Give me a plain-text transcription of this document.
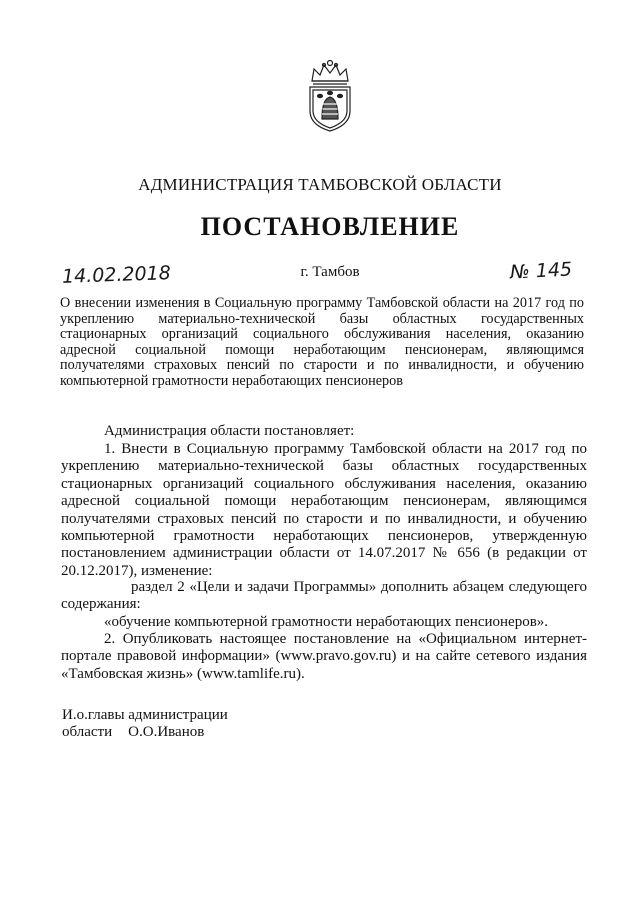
АДМИНИСТРАЦИЯ ТАМБОВСКОЙ ОБЛАСТИ
ПОСТАНОВЛЕНИЕ
14.02.2018	г. Тамбов	№ 145

О внесении изменения в Социальную программу Тамбовской области на 2017 год по укреплению материально-технической базы областных государственных стационарных организаций социального обслуживания населения, оказанию адресной социальной помощи неработающим пенсионерам, являющимся получателями страховых пенсий по старости и по инвалидности, и обучению компьютерной грамотности неработающих пенсионеров

Администрация области постановляет:

1. Внести в Социальную программу Тамбовской области на 2017 год по укреплению материально-технической базы областных государственных стационарных организаций социального обслуживания населения, оказанию адресной социальной помощи неработающим пенсионерам, являющимся получателями страховых пенсий по старости и по инвалидности, и обучению компьютерной грамотности неработающих пенсионеров, утвержденную постановлением администрации области от 14.07.2017 № 656 (в редакции от 20.12.2017), изменение:

раздел 2 «Цели и задачи Программы» дополнить абзацем следующего содержания:

«обучение компьютерной грамотности неработающих пенсионеров».

2. Опубликовать настоящее постановление на «Официальном интернет-портале правовой информации» (www.pravo.gov.ru) и на сайте сетевого издания «Тамбовская жизнь» (www.tamlife.ru).

И.о.главы администрации
области О.О.Иванов
